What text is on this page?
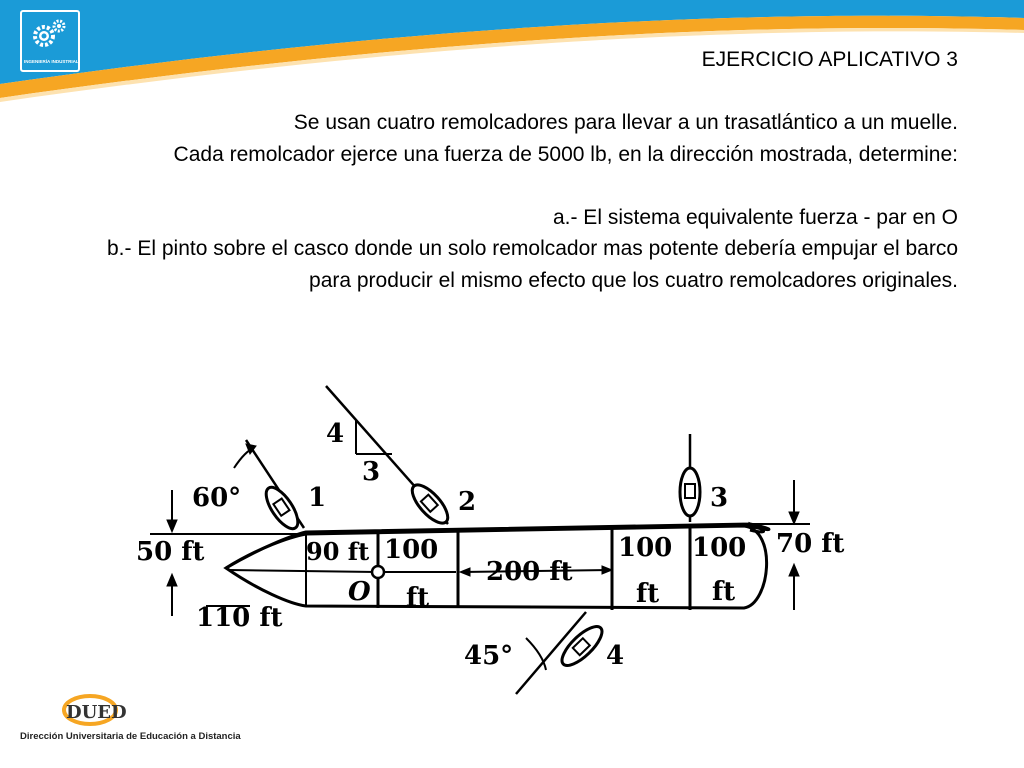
INGENIERÍA INDUSTRIAL	EJERCICIO APLICATIVO 3

Se usan cuatro remolcadores para llevar a un trasatlántico a un muelle.

Cada remolcador ejerce una fuerza de 5000 lb, en la dirección mostrada, determine:

a.- El sistema equivalente fuerza - par en O

b.- El pinto sobre el casco donde un solo remolcador mas potente debería empujar el barco para producir el mismo efecto que los cuatro remolcadores originales.

60°	1
4
3
2	3
50 ft	90 ft 100
ft
200 ft
100
ft
100
ft
70 ft
O
110 ft
45°	4
DUED
Dirección Universitaria de Educación a Distancia
